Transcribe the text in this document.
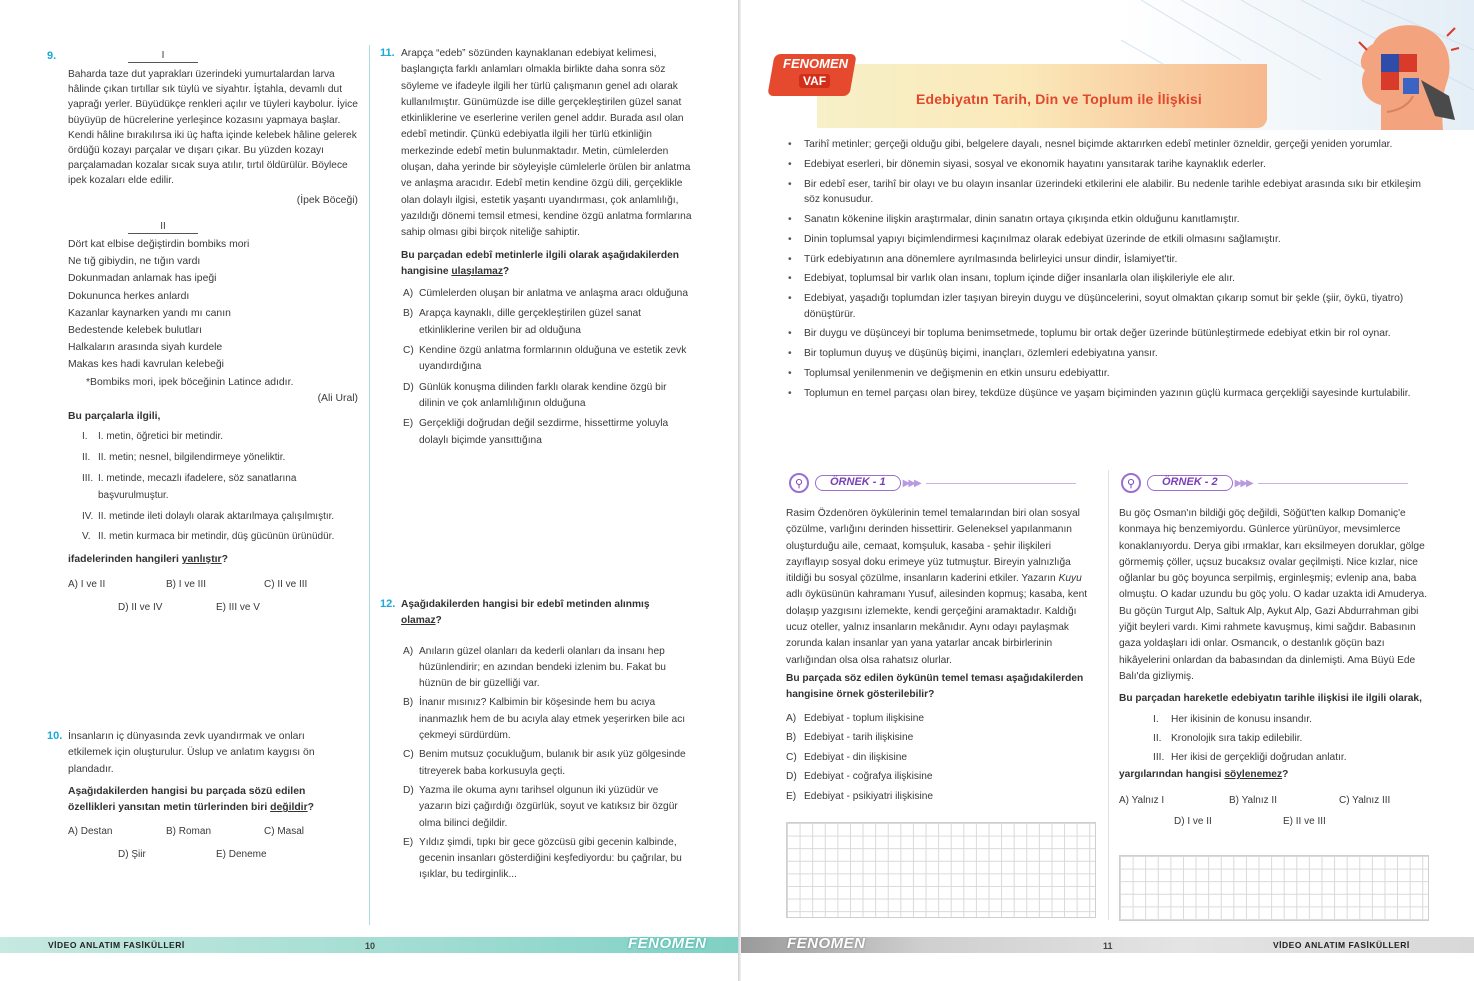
9.	I
Baharda taze dut yapraklarι üzerindeki yumurtalardan larva hâlinde çıkan tırtıllar sık tüylü ve siyahtır. İştahla, devamlı dut yaprağı yerler. Büyüdükçe renkleri açılır ve tüyleri kaybolur. İyice büyüyüp de hücrelerine yerleşince kozasını yapmaya başlar. Kendi hâline bırakılırsa iki üç hafta içinde kelebek hâline gelerek ördüğü kozayı parçalar ve dışarı çıkar. Bu yüzden kozayı parçalamadan kozalar sıcak suya atılır, tırtıl öldürülür. Böylece ipek kozaları elde edilir.
(İpek Böceği)
II
Dört kat elbise değiştirdin bombiks mori
Ne tığ gibiydin, ne tığın vardı
Dokunmadan anlamak has ipeği
Dokununca herkes anlardı
Kazanlar kaynarken yandı mı canın
Bedestende kelebek bulutları
Halkaların arasında siyah kurdele
Makas kes hadi kavrulan kelebeği
*Bombiks mori, ipek böceğinin Latince adıdır.
(Ali Ural)
Bu parçalarla ilgili,
I. I. metin, öğretici bir metindir.
II. II. metin; nesnel, bilgilendirmeye yöneliktir.
III. I. metinde, mecazlı ifadelere, söz sanatlarına başvurulmuştur.
IV. II. metinde ileti dolaylı olarak aktarılmaya çalışılmıştır.
V. II. metin kurmaca bir metindir, düş gücünün ürünüdür.
ifadelerinden hangileri yanlıştır?
A) I ve II	B) I ve III	C) II ve III
D) II ve IV	E) III ve V
10. İnsanların iç dünyasında zevk uyandırmak ve onları etkilemek için oluşturulur. Üslup ve anlatım kaygısı ön plandadır.
Aşağıdakilerden hangisi bu parçada sözü edilen özellikleri yansıtan metin türlerinden biri değildir?
A) Destan	B) Roman	C) Masal
D) Şiir	E) Deneme
11. Arapça “edeb” sözünden kaynaklanan edebiyat kelimesi, başlangıçta farklı anlamları olmakla birlikte daha sonra söz söyleme ve ifadeyle ilgili her türlü çalışmanın genel adı olarak kullanılmıştır. Günümüzde ise dille gerçekleştirilen güzel sanat etkinliklerine ve eserlerine verilen genel addır. Burada asıl olan edebî metindir. Çünkü edebiyatla ilgili her türlü etkinliğin merkezinde edebî metin bulunmaktadır. Metin, cümlelerden oluşan, daha yerinde bir söyleyişle cümlelerle örülen bir anlatma ve anlaşma aracıdır. Edebî metin kendine özgü dili, gerçeklikle olan dolaylı ilgisi, estetik yaşantı uyandırması, çok anlamlılığı, yazıldığı dönemi temsil etmesi, kendine özgü anlatma formlarına sahip olması gibi birçok niteliğe sahiptir.
Bu parçadan edebî metinlerle ilgili olarak aşağıdakilerden hangisine ulaşılamaz?
A) Cümlelerden oluşan bir anlatma ve anlaşma aracı olduğuna
B) Arapça kaynaklı, dille gerçekleştirilen güzel sanat etkinliklerine verilen bir ad olduğuna
C) Kendine özgü anlatma formlarının olduğuna ve estetik zevk uyandırdığına
D) Günlük konuşma dilinden farklı olarak kendine özgü bir dilinin ve çok anlamlılığının olduğuna
E) Gerçekliği doğrudan değil sezdirme, hissettirme yoluyla dolaylı biçimde yansıttığına
12. Aşağıdakilerden hangisi bir edebî metinden alınmış olamaz?
A) Anıların güzel olanları da kederli olanları da insanı hep hüzünlendirir; en azından bendeki izlenim bu. Fakat bu hüznün de bir güzelliği var.
B) İnanır mısınız? Kalbimin bir köşesinde hem bu acıya inanmazlık hem de bu acıyla alay etmek yeşerirken bile acı çekmeyi sürdürdüm.
C) Benim mutsuz çocukluğum, bulanık bir asık yüz gölgesinde titreyerek baba korkusuyla geçti.
D) Yazma ile okuma aynı tarihsel olgunun iki yüzüdür ve yazarın bizi çağırdığı özgürlük, soyut ve katıksız bir özgür olma bilinci değildir.
E) Yıldız şimdi, tıpkı bir gece gözcüsü gibi gecenin kalbinde, gecenin insanları gösterdiğini keşfediyordu: bu çağrılar, bu ışıklar, bu tedirginlik...
VİDEO ANLATIM FASİKÜLLERİ	10	FENOMEN
FENOMEN
VAF
Edebiyatın Tarih, Din ve Toplum ile İlişkisi
• Tarihî metinler; gerçeği olduğu gibi, belgelere dayalı, nesnel biçimde aktarırken edebî metinler özneldir, gerçeği yeniden yorumlar.
• Edebiyat eserleri, bir dönemin siyasi, sosyal ve ekonomik hayatını yansıtarak tarihe kaynaklık ederler.
• Bir edebî eser, tarihî bir olayı ve bu olayın insanlar üzerindeki etkilerini ele alabilir. Bu nedenle tarihle edebiyat arasında sıkı bir etkileşim söz konusudur.
• Sanatın kökenine ilişkin araştırmalar, dinin sanatın ortaya çıkışında etkin olduğunu kanıtlamıştır.
• Dinin toplumsal yapıyı biçimlendirmesi kaçınılmaz olarak edebiyat üzerinde de etkili olmasını sağlamıştır.
• Türk edebiyatının ana dönemlere ayrılmasında belirleyici unsur dindir, İslamiyet'tir.
• Edebiyat, toplumsal bir varlık olan insanı, toplum içinde diğer insanlarla olan ilişkileriyle ele alır.
• Edebiyat, yaşadığı toplumdan izler taşıyan bireyin duygu ve düşüncelerini, soyut olmaktan çıkarıp somut bir şekle (şiir, öykü, tiyatro) dönüştürür.
• Bir duygu ve düşünceyi bir topluma benimsetmede, toplumu bir ortak değer üzerinde bütünleştirmede edebiyat etkin bir rol oynar.
• Bir toplumun duyuş ve düşünüş biçimi, inançları, özlemleri edebiyatına yansır.
• Toplumsal yenilenmenin ve değişmenin en etkin unsuru edebiyattır.
• Toplumun en temel parçası olan birey, tekdüze düşünce ve yaşam biçiminden yazının güçlü kurmaca gerçekliği sayesinde kurtulabilir.
⚲	ÖRNEK - 1	▶▶▶
Rasim Özdenören öykülerinin temel temalarından biri olan sosyal çözülme, varlığını derinden hissettirir. Geleneksel yapılanmanın oluşturduğu aile, cemaat, komşuluk, kasaba - şehir ilişkileri zayıflayıp sosyal doku erimeye yüz tutmuştur. Bireyin yalnızlığa itildiği bu sosyal çözülme, insanların kaderini etkiler. Yazarın Kuyu adlı öyküsünün kahramanı Yusuf, ailesinden kopmuş; kasaba, kent dolaşıp yazgısını izlemekte, kendi gerçeğini aramaktadır. Kaldığı ucuz oteller, yalnız insanların mekânıdır. Aynı odayı paylaşmak zorunda kalan insanlar yan yana yatarlar ancak birbirlerinin varlığından olsa olsa rahatsız olurlar.
Bu parçada söz edilen öykünün temel teması aşağıdakilerden hangisine örnek gösterilebilir?
A) Edebiyat - toplum ilişkisine
B) Edebiyat - tarih ilişkisine
C) Edebiyat - din ilişkisine
D) Edebiyat - coğrafya ilişkisine
E) Edebiyat - psikiyatri ilişkisine
⚲	ÖRNEK - 2	▶▶▶
Bu göç Osman'ın bildiği göç değildi, Söğüt'ten kalkıp Domaniç'e konmaya hiç benzemiyordu. Günlerce yürünüyor, mevsimlerce konaklanıyordu. Derya gibi ırmaklar, karı eksilmeyen doruklar, gölge görmemiş çöller, uçsuz bucaksız ovalar geçilmişti. Nice kızlar, nice oğlanlar bu göç boyunca serpilmiş, erginleşmiş; evlenip ana, baba olmuştu. O kadar uzundu bu göç yolu. O kadar uzakta idi Amuderya. Bu göçün Turgut Alp, Saltuk Alp, Aykut Alp, Gazi Abdurrahman gibi yiğit beyleri vardı. Kimi rahmete kavuşmuş, kimi sağdır. Babasının gaza yoldaşları idi onlar. Osmancık, o destanlık göçün bazı hikâyelerini onlardan da babasından da dinlemişti. Ama Büyü Ede Balı'da gizliymiş.
Bu parçadan hareketle edebiyatın tarihle ilişkisi ile ilgili olarak,
I. Her ikisinin de konusu insandır.
II. Kronolojik sıra takip edilebilir.
III. Her ikisi de gerçekliği doğrudan anlatır.
yargılarından hangisi söylenemez?
A) Yalnız I	B) Yalnız II	C) Yalnız III
D) I ve II	E) II ve III
FENOMEN	11	VİDEO ANLATIM FASİKÜLLERİ
